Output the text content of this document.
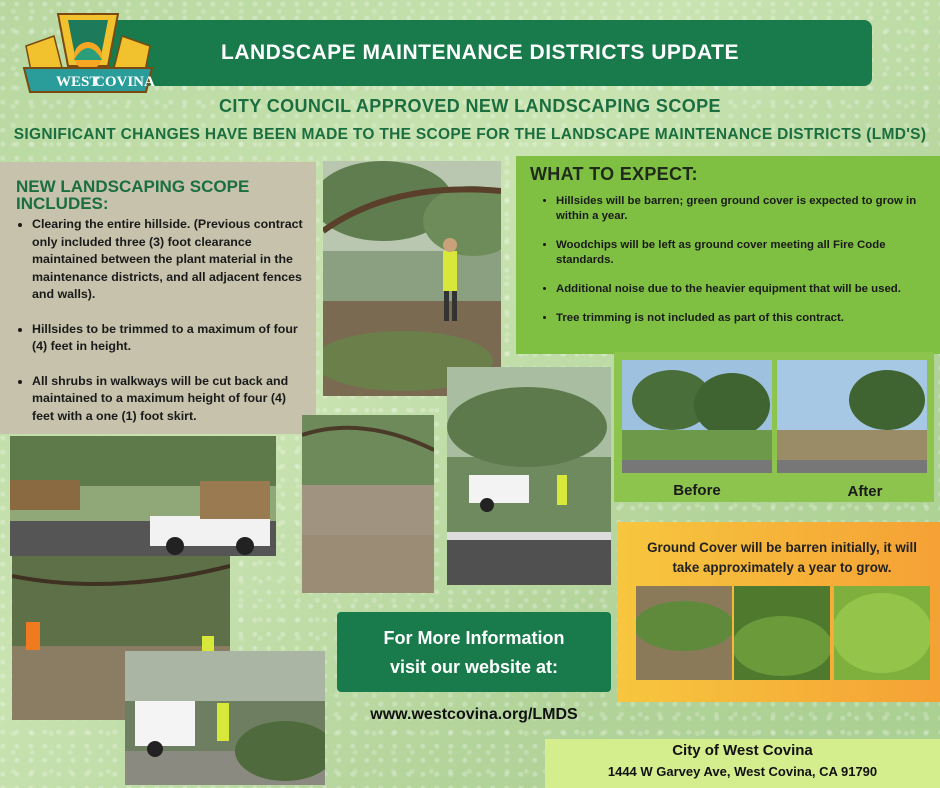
LANDSCAPE MAINTENANCE DISTRICTS UPDATE
WEST
COVINA
CITY COUNCIL APPROVED NEW LANDSCAPING SCOPE
SIGNIFICANT CHANGES HAVE BEEN MADE TO THE SCOPE FOR THE LANDSCAPE MAINTENANCE DISTRICTS (LMD'S)
NEW LANDSCAPING SCOPE INCLUDES:
• Clearing the entire hillside. (Previous contract only included three (3) foot clearance maintained between the plant material in the maintenance districts, and all adjacent fences and walls).
• Hillsides to be trimmed to a maximum of four (4) feet in height.
• All shrubs in walkways will be cut back and maintained to a maximum height of four (4) feet with a one (1) foot skirt.
WHAT TO EXPECT:
• Hillsides will be barren; green ground cover is expected to grow in within a year.
• Woodchips will be left as ground cover meeting all Fire Code standards.
• Additional noise due to the heavier equipment that will be used.
• Tree trimming is not included as part of this contract.
Before	After
Ground Cover will be barren initially, it will take approximately a year to grow.
For More Information
visit our website at:
www.westcovina.org/LMDS
City of West Covina
1444 W Garvey Ave, West Covina, CA 91790
